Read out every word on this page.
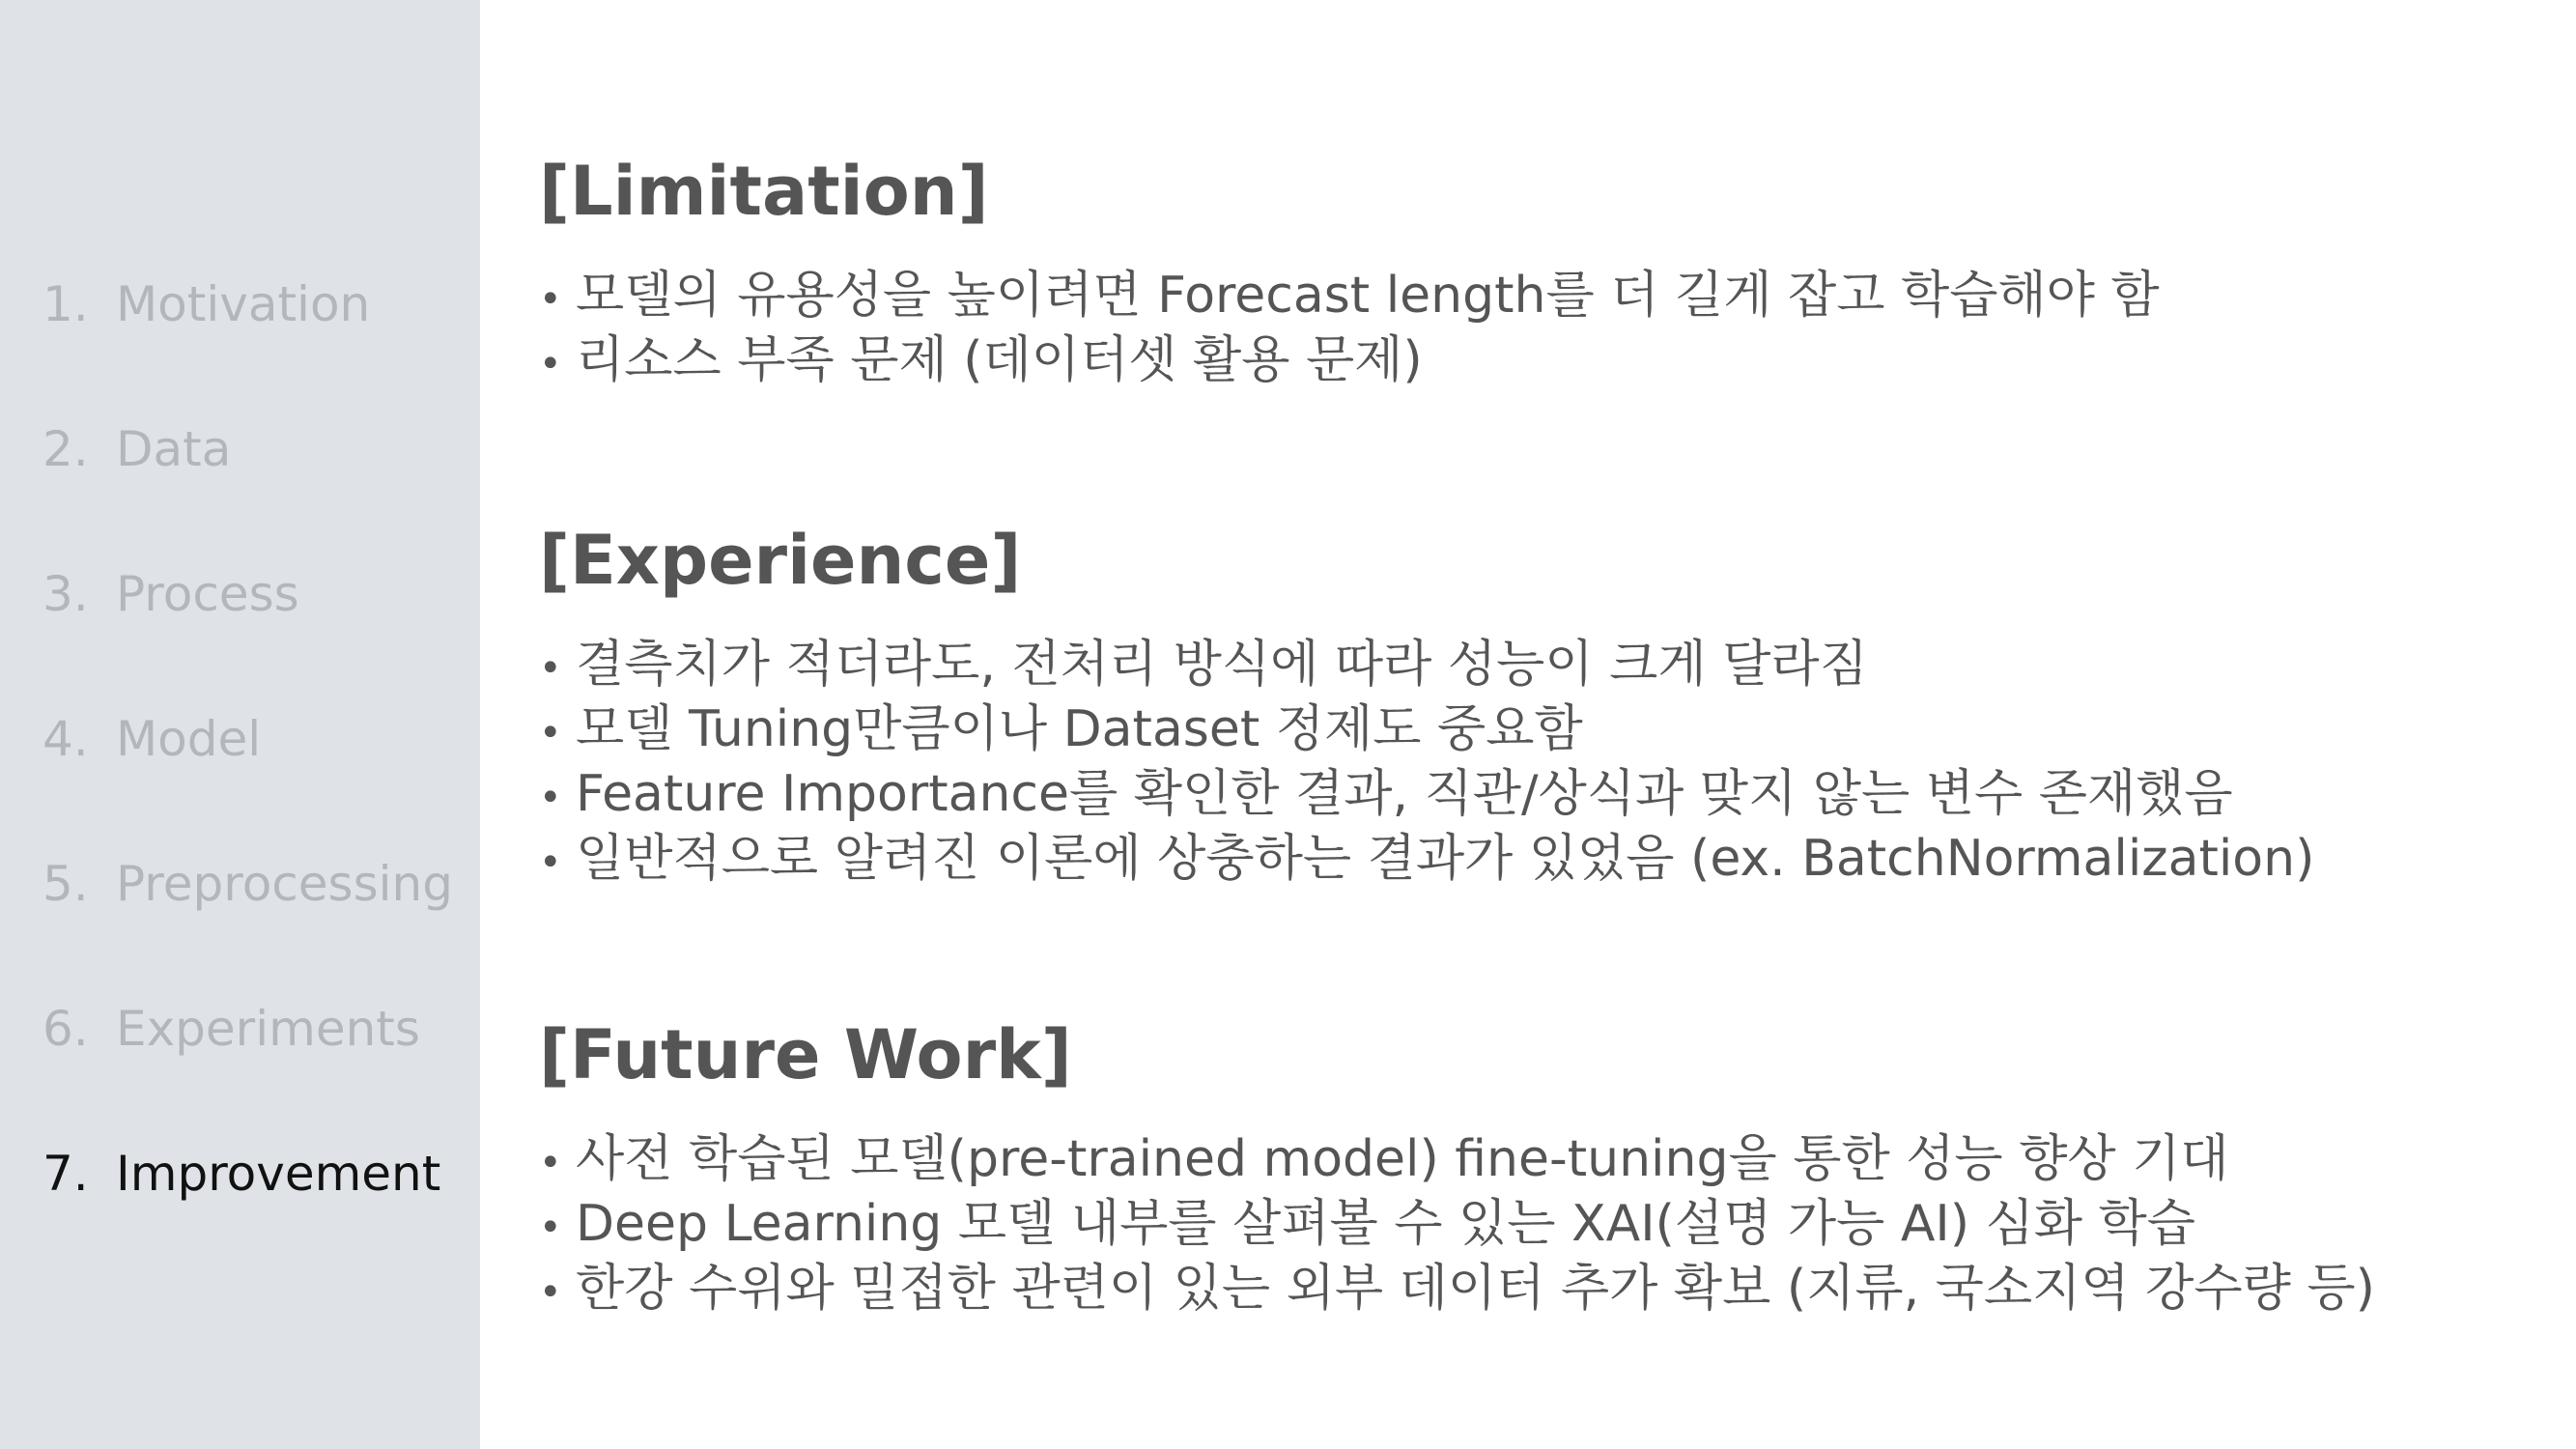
1. Motivation
2. Data
3. Process
4. Model
5. Preprocessing
6. Experiments
7. Improvement
[Limitation]
• 모델의 유용성을 높이려면 Forecast length를 더 길게 잡고 학습해야 함
• 리소스 부족 문제 (데이터셋 활용 문제)
[Experience]
• 결측치가 적더라도, 전처리 방식에 따라 성능이 크게 달라짐
• 모델 Tuning만큼이나 Dataset 정제도 중요함
• Feature Importance를 확인한 결과, 직관/상식과 맞지 않는 변수 존재했음
• 일반적으로 알려진 이론에 상충하는 결과가 있었음 (ex. BatchNormalization)
[Future Work]
• 사전 학습된 모델(pre-trained model) fine-tuning을 통한 성능 향상 기대
• Deep Learning 모델 내부를 살펴볼 수 있는 XAI(설명 가능 AI) 심화 학습
• 한강 수위와 밀접한 관련이 있는 외부 데이터 추가 확보 (지류, 국소지역 강수량 등)
